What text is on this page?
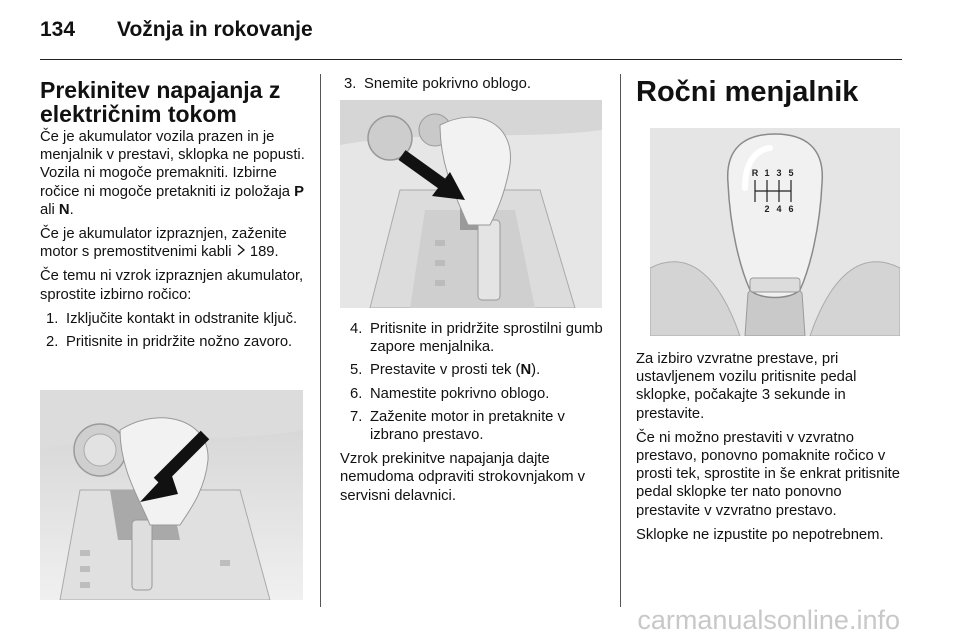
134	Vožnja in rokovanje
Prekinitev napajanja z električnim tokom

Če je akumulator vozila prazen in je menjalnik v prestavi, sklopka ne popusti. Vozila ni mogoče premakniti. Izbirne ročice ni mogoče pretakniti iz položaja P ali N.

Če je akumulator izpraznjen, zaženite motor s premostitvenimi kabli  189.

Če temu ni vzrok izpraznjen akumulator, sprostite izbirno ročico:

1. Izključite kontakt in odstranite ključ.
2. Pritisnite in pridržite nožno zavoro.
3. Snemite pokrivno oblogo.
4. Pritisnite in pridržite sprostilni gumb zapore menjalnika.
5. Prestavite v prosti tek (N).
6. Namestite pokrivno oblogo.
7. Zaženite motor in pretaknite v izbrano prestavo.

Vzrok prekinitve napajanja dajte nemudoma odpraviti strokovnjakom v servisni delavnici.

Ročni menjalnik
R 1 3 5
2 4 6

Za izbiro vzvratne prestave, pri ustavljenem vozilu pritisnite pedal sklopke, počakajte 3 sekunde in prestavite.

Če ni možno prestaviti v vzvratno prestavo, ponovno pomaknite ročico v prosti tek, sprostite in še enkrat pritisnite pedal sklopke ter nato ponovno prestavite v vzvratno prestavo.

Sklopke ne izpustite po nepotrebnem.

carmanualsonline.info
